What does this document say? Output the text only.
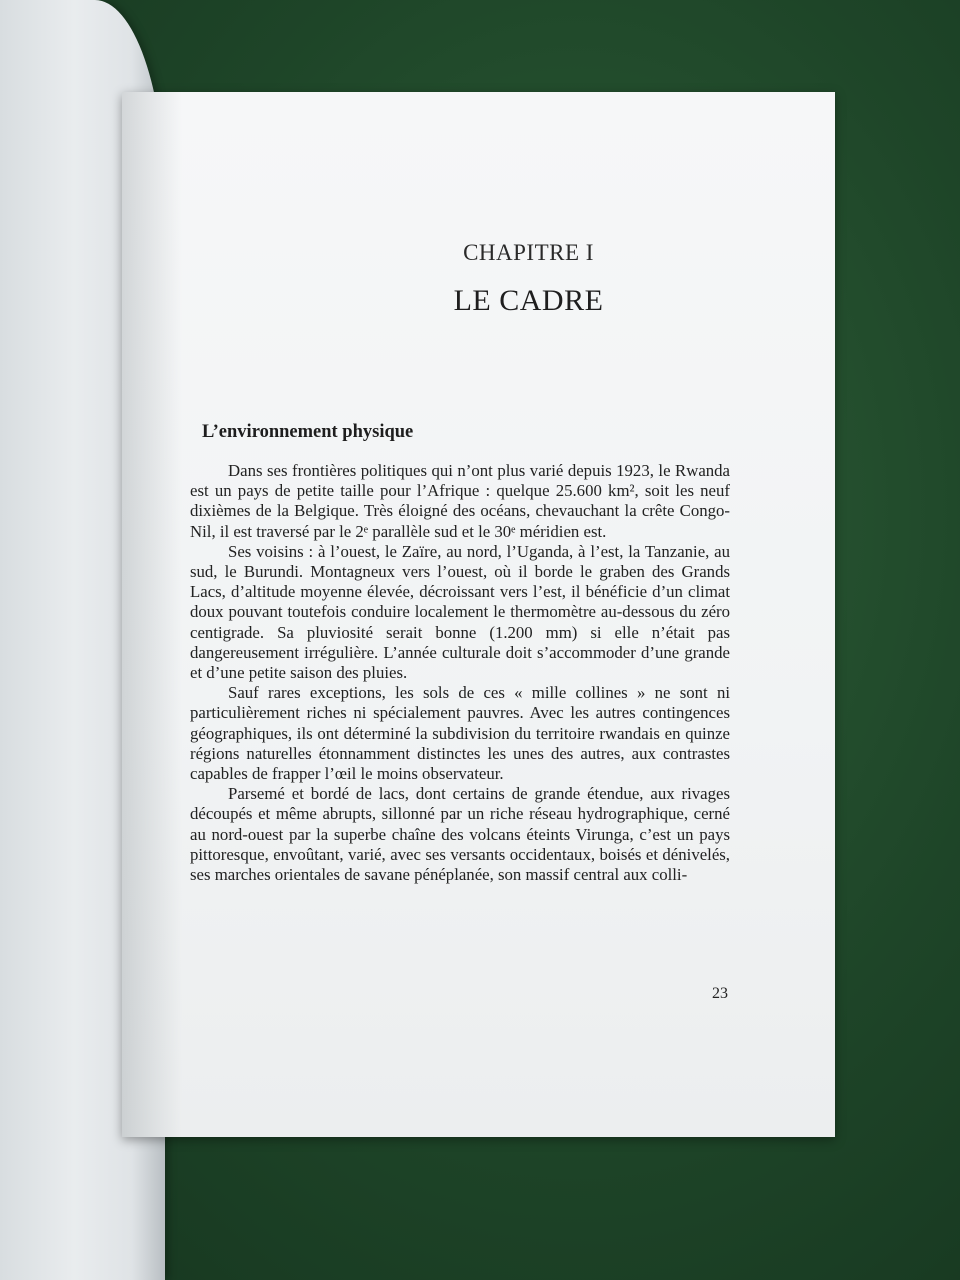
CHAPITRE I
LE CADRE
L’environnement physique

Dans ses frontières politiques qui n’ont plus varié depuis 1923, le Rwanda est un pays de petite taille pour l’Afrique : quelque 25.600 km², soit les neuf dixièmes de la Belgique. Très éloigné des océans, chevauchant la crête Congo-Nil, il est traversé par le 2ᵉ parallèle sud et le 30ᵉ méridien est.

Ses voisins : à l’ouest, le Zaïre, au nord, l’Uganda, à l’est, la Tanzanie, au sud, le Burundi. Montagneux vers l’ouest, où il borde le graben des Grands Lacs, d’altitude moyenne élevée, décroissant vers l’est, il bénéficie d’un climat doux pouvant toutefois conduire localement le thermomètre au-dessous du zéro centigrade. Sa pluviosité serait bonne (1.200 mm) si elle n’était pas dangereusement irrégulière. L’année culturale doit s’accommoder d’une grande et d’une petite saison des pluies.

Sauf rares exceptions, les sols de ces « mille collines » ne sont ni particulièrement riches ni spécialement pauvres. Avec les autres contingences géographiques, ils ont déterminé la subdivision du territoire rwandais en quinze régions naturelles étonnamment distinctes les unes des autres, aux contrastes capables de frapper l’œil le moins observateur.

Parsemé et bordé de lacs, dont certains de grande étendue, aux rivages découpés et même abrupts, sillonné par un riche réseau hydrographique, cerné au nord-ouest par la superbe chaîne des volcans éteints Virunga, c’est un pays pittoresque, envoûtant, varié, avec ses versants occidentaux, boisés et dénivelés, ses marches orientales de savane pénéplanée, son massif central aux colli-

23
